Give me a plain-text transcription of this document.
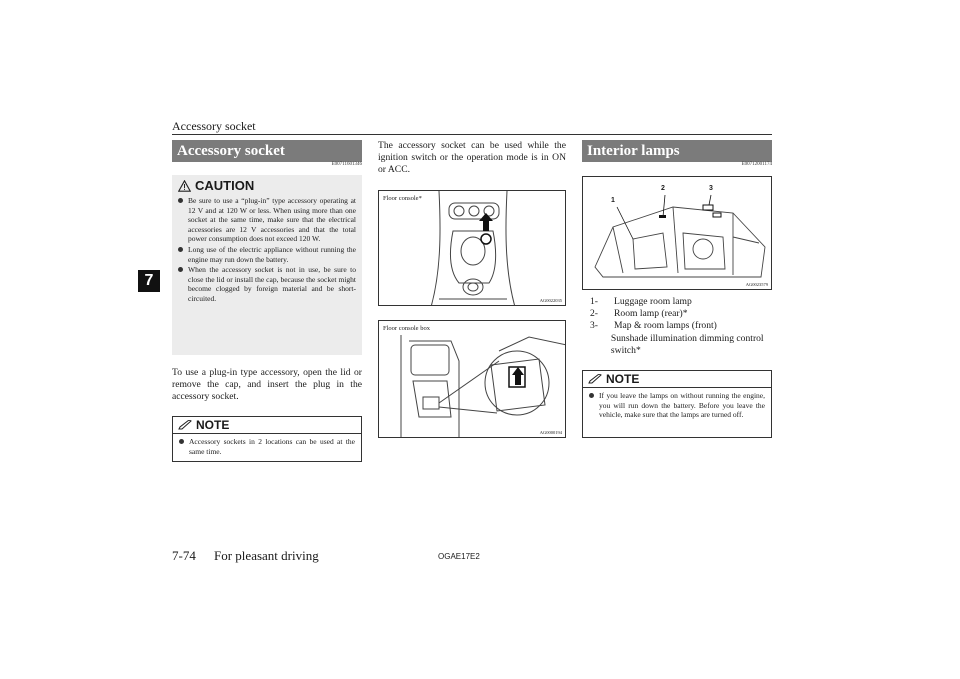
Accessory socket
7
Accessory socket
E00711601346
CAUTION
Be sure to use a “plug-in” type accessory operating at 12 V and at 120 W or less. When using more than one socket at the same time, make sure that the electrical accessories are 12 V accessories and that the total power consumption does not exceed 120 W.
Long use of the electric appliance without running the engine may run down the battery.
When the accessory socket is not in use, be sure to close the lid or install the cap, because the socket might become clogged by foreign material and be short-circuited.
To use a plug-in type accessory, open the lid or remove the cap, and insert the plug in the accessory socket.
NOTE
Accessory sockets in 2 locations can be used at the same time.
The accessory socket can be used while the ignition switch or the operation mode is in ON or ACC.
Floor console*
AG0022035
Floor console box
AG0000194
Interior lamps
E00712001174
1
2	3
AG0023579
1-	Luggage room lamp
2-	Room lamp (rear)*
3-	Map & room lamps (front)
Sunshade illumination dimming control switch*
NOTE
If you leave the lamps on without running the engine, you will run down the battery. Before you leave the vehicle, make sure that the lamps are turned off.
7-74 For pleasant driving	OGAE17E2
